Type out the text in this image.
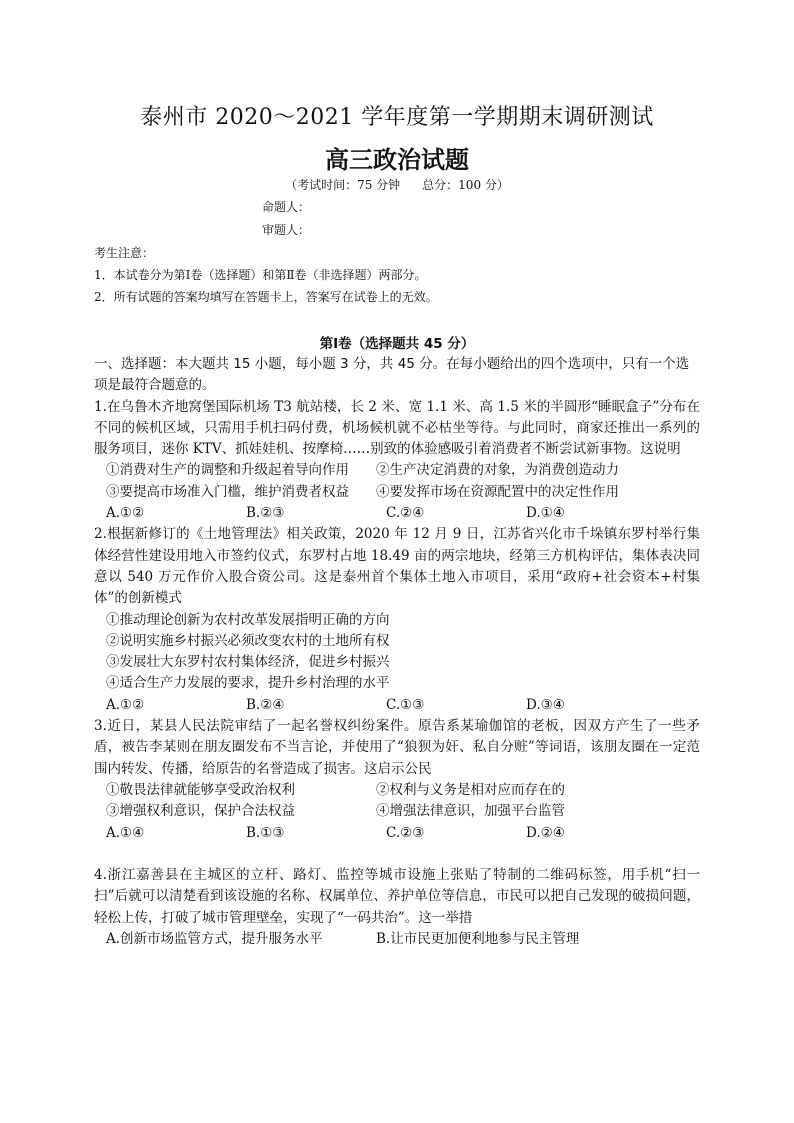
泰州市 2020～2021 学年度第一学期期末调研测试
高三政治试题
（考试时间：75 分钟 总分：100 分）
命题人：
审题人：
考生注意：
1．本试卷分为第Ⅰ卷（选择题）和第Ⅱ卷（非选择题）两部分。
2．所有试题的答案均填写在答题卡上，答案写在试卷上的无效。
第Ⅰ卷（选择题共 45 分）

一、选择题：本大题共 15 小题，每小题 3 分，共 45 分。在每小题给出的四个选项中，只有一个选项是最符合题意的。

1.在乌鲁木齐地窝堡国际机场 T3 航站楼，长 2 米、宽 1.1 米、高 1.5 米的半圆形“睡眠盒子”分布在不同的候机区域，只需用手机扫码付费，机场候机就不必枯坐等待。与此同时，商家还推出一系列的服务项目，迷你 KTV、抓娃娃机、按摩椅……别致的体验感吸引着消费者不断尝试新事物。这说明

①消费对生产的调整和升级起着导向作用	②生产决定消费的对象，为消费创造动力
③要提高市场准入门槛，维护消费者权益	④要发挥市场在资源配置中的决定性作用
A.①②	B.②③	C.②④	D.①④

2.根据新修订的《土地管理法》相关政策，2020 年 12 月 9 日，江苏省兴化市千垛镇东罗村举行集体经营性建设用地入市签约仪式，东罗村占地 18.49 亩的两宗地块，经第三方机构评估，集体表决同意以 540 万元作价入股合资公司。这是泰州首个集体土地入市项目，采用“政府+社会资本+村集体”的创新模式

①推动理论创新为农村改革发展指明正确的方向
②说明实施乡村振兴必须改变农村的土地所有权
③发展壮大东罗村农村集体经济，促进乡村振兴
④适合生产力发展的要求，提升乡村治理的水平
A.①②	B.②④	C.①③	D.③④

3.近日，某县人民法院审结了一起名誉权纠纷案件。原告系某瑜伽馆的老板，因双方产生了一些矛盾，被告李某则在朋友圈发布不当言论，并使用了“狼狈为奸、私自分赃”等词语，该朋友圈在一定范围内转发、传播，给原告的名誉造成了损害。这启示公民

①敬畏法律就能够享受政治权利	②权利与义务是相对应而存在的
③增强权利意识，保护合法权益	④增强法律意识，加强平台监管
A.①④	B.①③	C.②③	D.②④

4.浙江嘉善县在主城区的立杆、路灯、监控等城市设施上张贴了特制的二维码标签，用手机“扫一扫”后就可以清楚看到该设施的名称、权属单位、养护单位等信息，市民可以把自己发现的破损问题，轻松上传，打破了城市管理壁垒，实现了“一码共治”。这一举措

A.创新市场监管方式，提升服务水平	B.让市民更加便利地参与民主管理
